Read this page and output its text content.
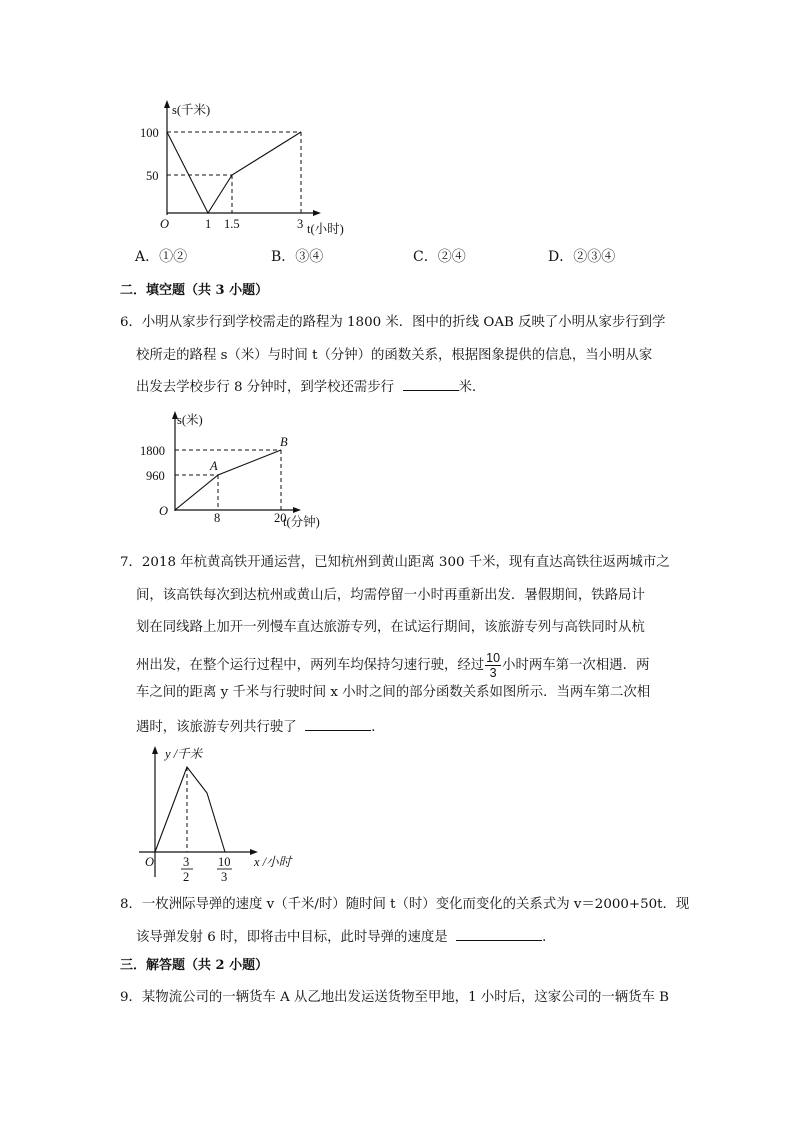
s(千米)
t(小时)
O
100
50
1 1.5	3
A．①②	B．③④	C．②④	D．②③④
二．填空题（共 3 小题）
6．小明从家步行到学校需走的路程为 1800 米．图中的折线 OAB 反映了小明从家步行到学
校所走的路程 s（米）与时间 t（分钟）的函数关系，根据图象提供的信息，当小明从家
出发去学校步行 8 分钟时，到学校还需步行	米．
s(米)
t(分钟)
O
1800
960
8	20
A
B
7．2018 年杭黄高铁开通运营，已知杭州到黄山距离 300 千米，现有直达高铁往返两城市之
间，该高铁每次到达杭州或黄山后，均需停留一小时再重新出发．暑假期间，铁路局计
划在同线路上加开一列慢车直达旅游专列，在试运行期间，该旅游专列与高铁同时从杭
州出发，在整个运行过程中，两列车均保持匀速行驶，经过 $\frac{10}{3}$ 小时两车第一次相遇．两
车之间的距离 y 千米与行驶时间 x 小时之间的部分函数关系如图所示．当两车第二次相
遇时，该旅游专列共行驶了	．
y /千米
x /小时
O 3
2
10
3
8．一枚洲际导弹的速度 v（千米/时）随时间 t（时）变化而变化的关系式为 v＝2000+50t．现
该导弹发射 6 时，即将击中目标，此时导弹的速度是	．
三．解答题（共 2 小题）
9．某物流公司的一辆货车 A 从乙地出发运送货物至甲地，1 小时后，这家公司的一辆货车 B
